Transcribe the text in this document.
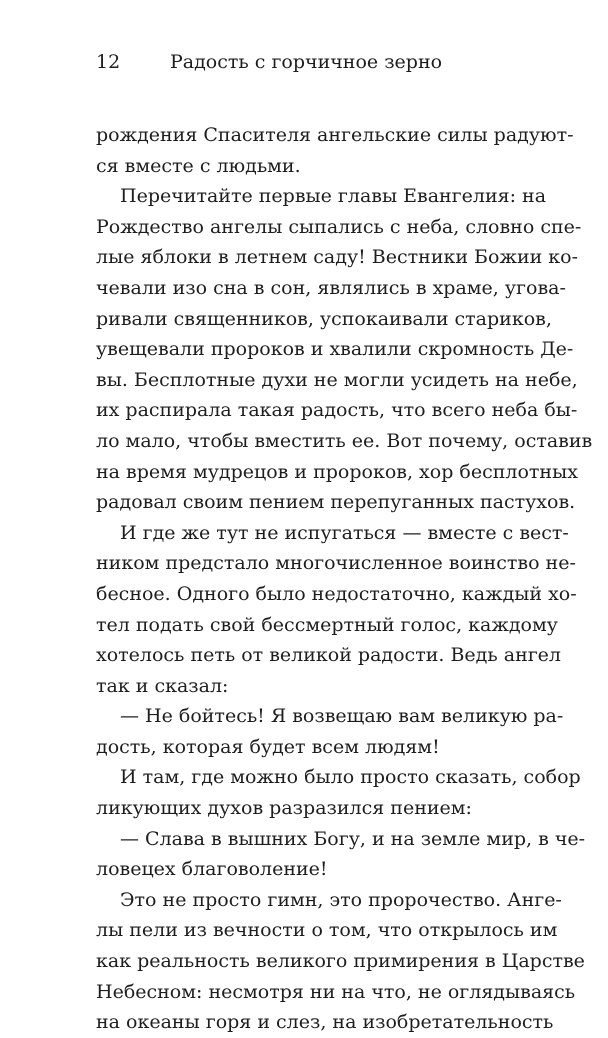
12	Радость с горчичное зерно
рождения Спасителя ангельские силы радуют-
ся вместе с людьми.
Перечитайте первые главы Евангелия: на
Рождество ангелы сыпались с неба, словно спе-
лые яблоки в летнем саду! Вестники Божии ко-
чевали изо сна в сон, являлись в храме, угова-
ривали священников, успокаивали стариков,
увещевали пророков и хвалили скромность Де-
вы. Бесплотные духи не могли усидеть на небе,
их распирала такая радость, что всего неба бы-
ло мало, чтобы вместить ее. Вот почему, оставив
на время мудрецов и пророков, хор бесплотных
радовал своим пением перепуганных пастухов.
И где же тут не испугаться — вместе с вест-
ником предстало многочисленное воинство не-
бесное. Одного было недостаточно, каждый хо-
тел подать свой бессмертный голос, каждому
хотелось петь от великой радости. Ведь ангел
так и сказал:
— Не бойтесь! Я возвещаю вам великую ра-
дость, которая будет всем людям!
И там, где можно было просто сказать, собор
ликующих духов разразился пением:
— Слава в вышних Богу, и на земле мир, в че-
ловецех благоволение!
Это не просто гимн, это пророчество. Анге-
лы пели из вечности о том, что открылось им
как реальность великого примирения в Царстве
Небесном: несмотря ни на что, не оглядываясь
на океаны горя и слез, на изобретательность
